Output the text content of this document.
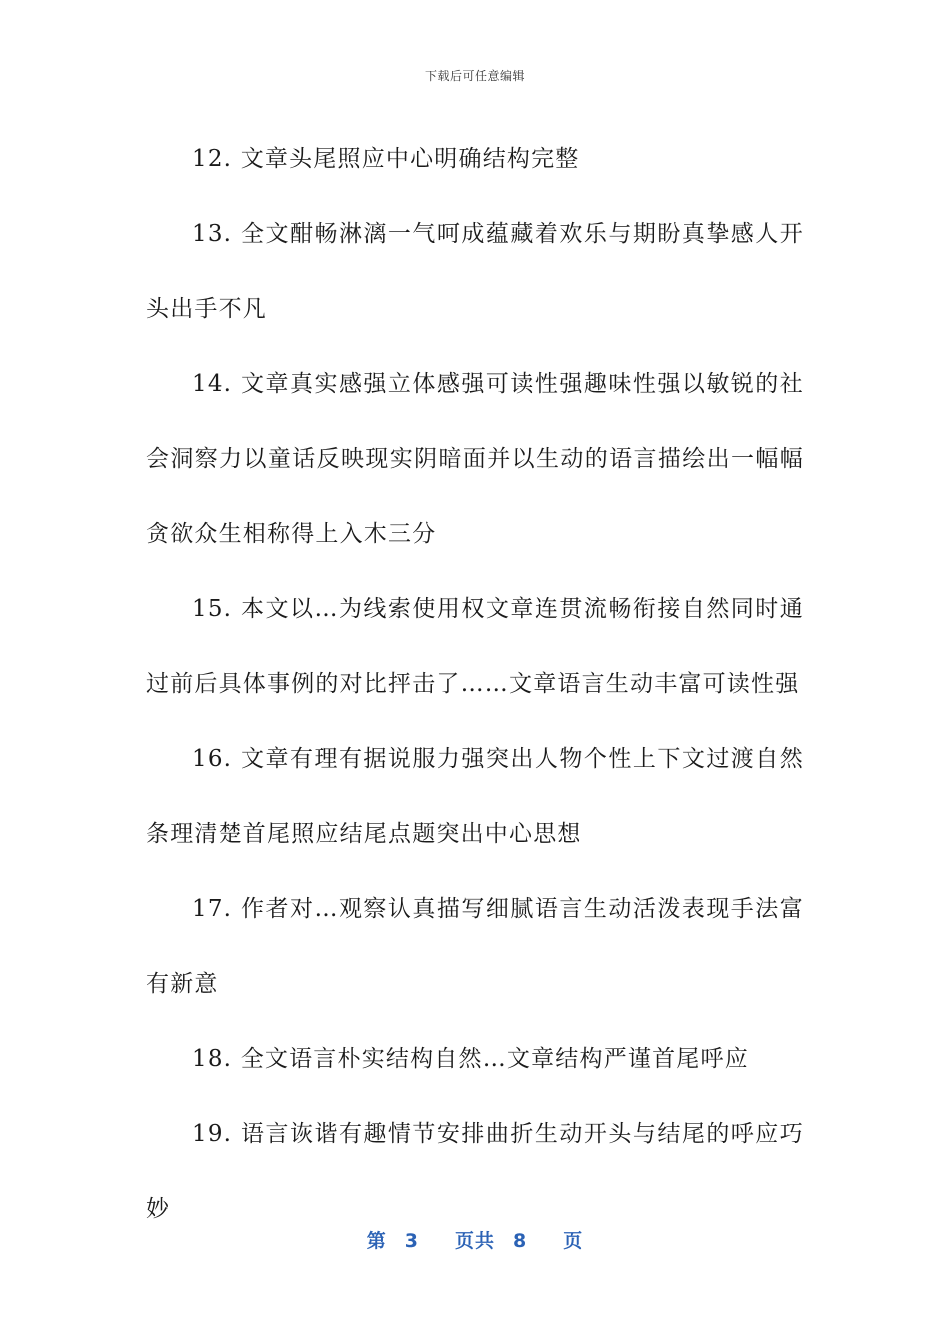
下载后可任意编辑

12. 文章头尾照应中心明确结构完整

13. 全文酣畅淋漓一气呵成蕴藏着欢乐与期盼真挚感人开头出手不凡

14. 文章真实感强立体感强可读性强趣味性强以敏锐的社会洞察力以童话反映现实阴暗面并以生动的语言描绘出一幅幅贪欲众生相称得上入木三分

15. 本文以…为线索使用权文章连贯流畅衔接自然同时通过前后具体事例的对比抨击了……文章语言生动丰富可读性强

16. 文章有理有据说服力强突出人物个性上下文过渡自然条理清楚首尾照应结尾点题突出中心思想

17. 作者对…观察认真描写细腻语言生动活泼表现手法富有新意

18. 全文语言朴实结构自然…文章结构严谨首尾呼应

19. 语言诙谐有趣情节安排曲折生动开头与结尾的呼应巧妙

第 3 页共 8 页
